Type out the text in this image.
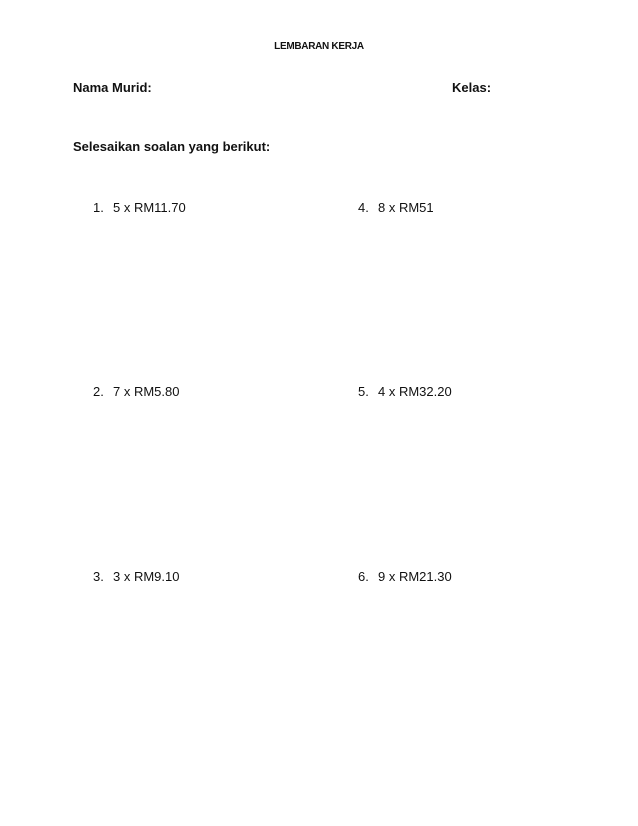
LEMBARAN KERJA
Nama Murid:	Kelas:
Selesaikan soalan yang berikut:
1. 5 x RM11.70
2. 7 x RM5.80
3. 3 x RM9.10
4. 8 x RM51
5. 4 x RM32.20
6. 9 x RM21.30
